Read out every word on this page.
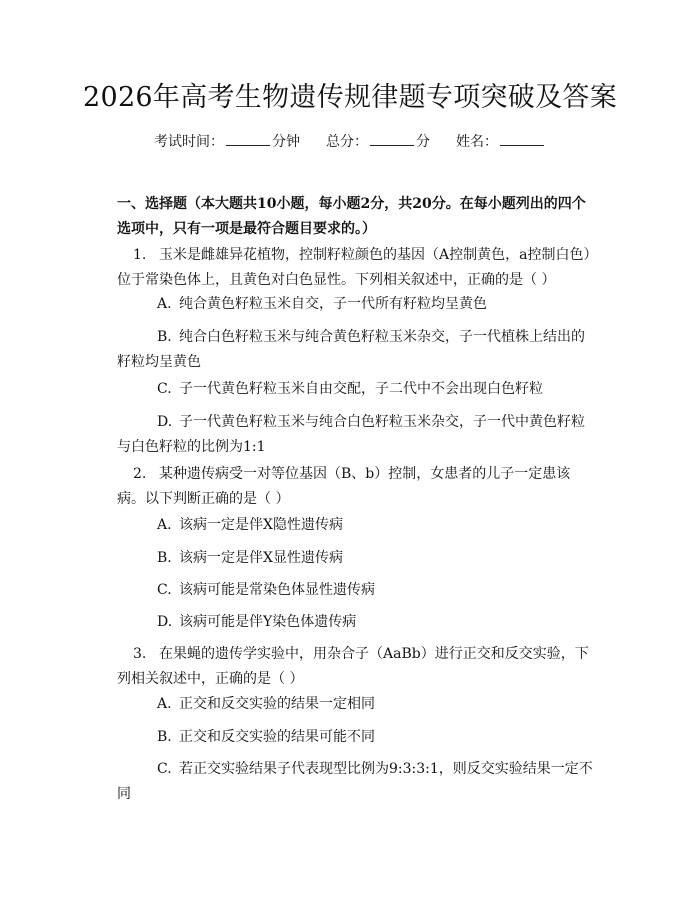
2026年高考生物遗传规律题专项突破及答案
考试时间：	分钟 总分：	分 姓名：
一、选择题（本大题共10小题，每小题2分，共20分。在每小题列出的四个选项中，只有一项是最符合题目要求的。）
1. 玉米是雌雄异花植物，控制籽粒颜色的基因（A控制黄色，a控制白色）位于常染色体上，且黄色对白色显性。下列相关叙述中，正确的是（ ）
A. 纯合黄色籽粒玉米自交，子一代所有籽粒均呈黄色
B. 纯合白色籽粒玉米与纯合黄色籽粒玉米杂交，子一代植株上结出的籽粒均呈黄色
C. 子一代黄色籽粒玉米自由交配，子二代中不会出现白色籽粒
D. 子一代黄色籽粒玉米与纯合白色籽粒玉米杂交，子一代中黄色籽粒与白色籽粒的比例为1:1
2. 某种遗传病受一对等位基因（B、b）控制，女患者的儿子一定患该病。以下判断正确的是（ ）
A. 该病一定是伴X隐性遗传病
B. 该病一定是伴X显性遗传病
C. 该病可能是常染色体显性遗传病
D. 该病可能是伴Y染色体遗传病
3. 在果蝇的遗传学实验中，用杂合子（AaBb）进行正交和反交实验，下列相关叙述中，正确的是（ ）
A. 正交和反交实验的结果一定相同
B. 正交和反交实验的结果可能不同
C. 若正交实验结果子代表现型比例为9:3:3:1，则反交实验结果一定不同
